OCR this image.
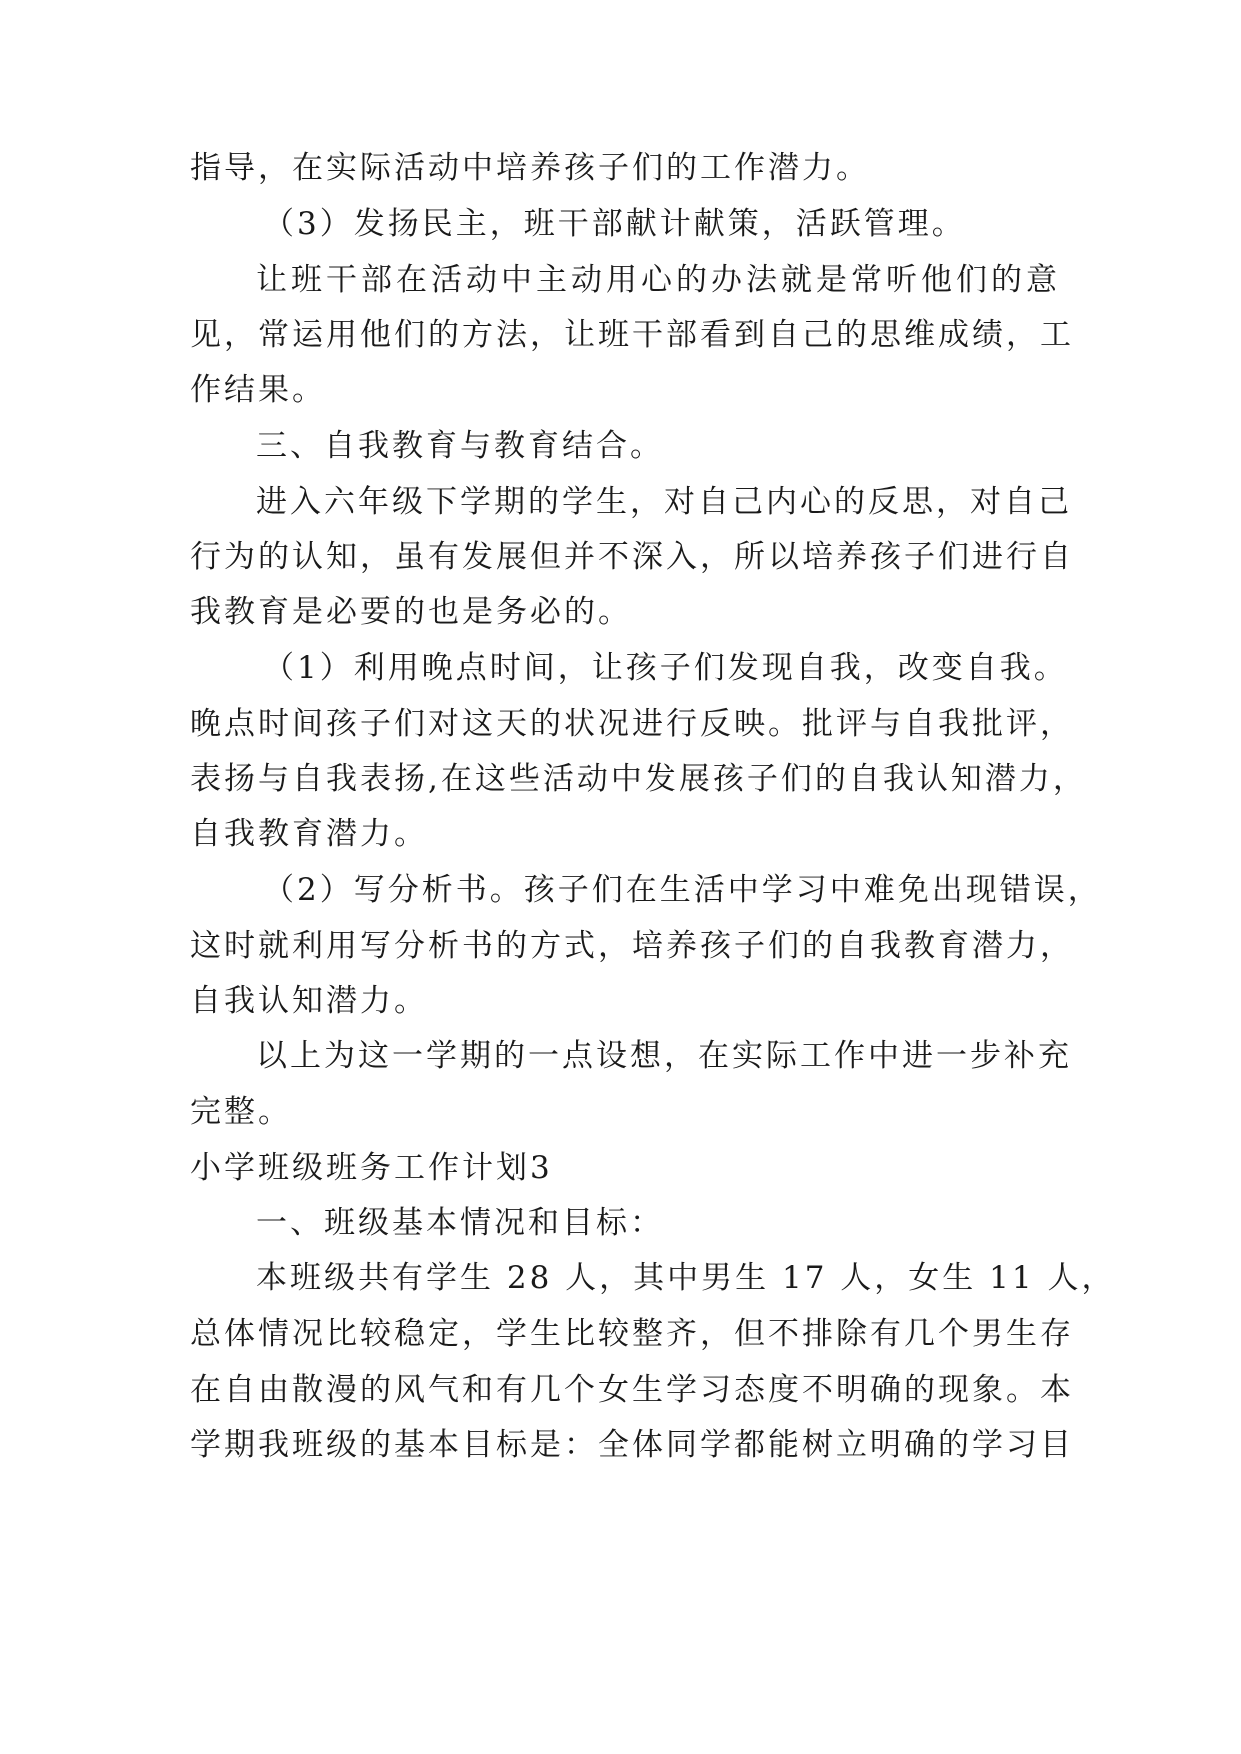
指导，在实际活动中培养孩子们的工作潜力。
（3）发扬民主，班干部献计献策，活跃管理。
让班干部在活动中主动用心的办法就是常听他们的意
见，常运用他们的方法，让班干部看到自己的思维成绩，工
作结果。
三、自我教育与教育结合。
进入六年级下学期的学生，对自己内心的反思，对自己
行为的认知，虽有发展但并不深入，所以培养孩子们进行自
我教育是必要的也是务必的。
（1）利用晚点时间，让孩子们发现自我，改变自我。
晚点时间孩子们对这天的状况进行反映。批评与自我批评，
表扬与自我表扬,在这些活动中发展孩子们的自我认知潜力，
自我教育潜力。
（2）写分析书。孩子们在生活中学习中难免出现错误，
这时就利用写分析书的方式，培养孩子们的自我教育潜力，
自我认知潜力。
以上为这一学期的一点设想，在实际工作中进一步补充
完整。
小学班级班务工作计划3
一、班级基本情况和目标：
本班级共有学生 28 人，其中男生 17 人，女生 11 人，
总体情况比较稳定，学生比较整齐，但不排除有几个男生存
在自由散漫的风气和有几个女生学习态度不明确的现象。本
学期我班级的基本目标是：全体同学都能树立明确的学习目
